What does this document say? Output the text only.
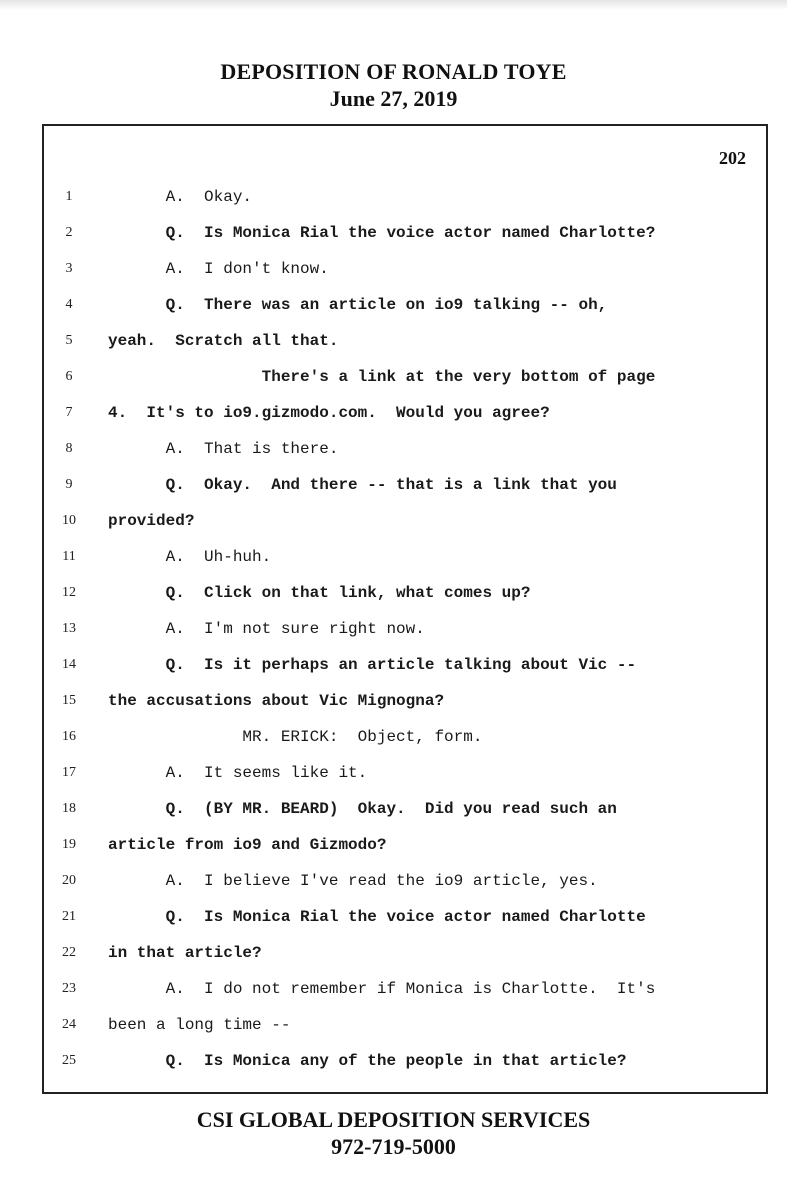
DEPOSITION OF RONALD TOYE
June 27, 2019
202
1	A.  Okay.
2	Q.  Is Monica Rial the voice actor named Charlotte?
3	A.  I don't know.
4	Q.  There was an article on io9 talking -- oh,
5	yeah.  Scratch all that.
6	There's a link at the very bottom of page
7	4.  It's to io9.gizmodo.com.  Would you agree?
8	A.  That is there.
9	Q.  Okay.  And there -- that is a link that you
10	provided?
11	A.  Uh-huh.
12	Q.  Click on that link, what comes up?
13	A.  I'm not sure right now.
14	Q.  Is it perhaps an article talking about Vic --
15	the accusations about Vic Mignogna?
16	MR. ERICK:  Object, form.
17	A.  It seems like it.
18	Q.  (BY MR. BEARD)  Okay.  Did you read such an
19	article from io9 and Gizmodo?
20	A.  I believe I've read the io9 article, yes.
21	Q.  Is Monica Rial the voice actor named Charlotte
22	in that article?
23	A.  I do not remember if Monica is Charlotte.  It's
24	been a long time --
25	Q.  Is Monica any of the people in that article?
CSI GLOBAL DEPOSITION SERVICES
972-719-5000
